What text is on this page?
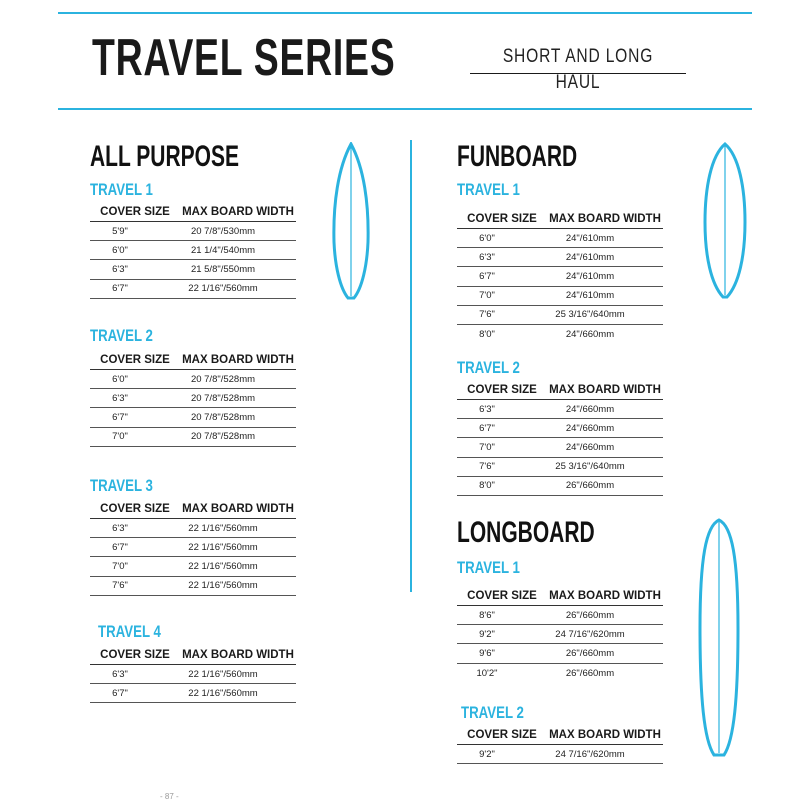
TRAVEL SERIES	SHORT AND LONG HAUL
ALL PURPOSE
TRAVEL 1
COVER SIZE	MAX BOARD WIDTH
5'9"	20 7/8"/530mm
6'0"	21 1/4"/540mm
6'3"	21 5/8"/550mm
6'7"	22 1/16"/560mm
TRAVEL 2
COVER SIZE	MAX BOARD WIDTH
6'0"	20 7/8"/528mm
6'3"	20 7/8"/528mm
6'7"	20 7/8"/528mm
7'0"	20 7/8"/528mm
TRAVEL 3
COVER SIZE	MAX BOARD WIDTH
6'3"	22 1/16"/560mm
6'7"	22 1/16"/560mm
7'0"	22 1/16"/560mm
7'6"	22 1/16"/560mm
TRAVEL 4
COVER SIZE	MAX BOARD WIDTH
6'3"	22 1/16"/560mm
6'7"	22 1/16"/560mm
FUNBOARD
TRAVEL 1
COVER SIZE	MAX BOARD WIDTH
6'0"	24"/610mm
6'3"	24"/610mm
6'7"	24"/610mm
7'0"	24"/610mm
7'6"	25 3/16"/640mm
8'0"	24"/660mm
TRAVEL 2
COVER SIZE	MAX BOARD WIDTH
6'3"	24"/660mm
6'7"	24"/660mm
7'0"	24"/660mm
7'6"	25 3/16"/640mm
8'0"	26"/660mm
LONGBOARD
TRAVEL 1
COVER SIZE	MAX BOARD WIDTH
8'6"	26"/660mm
9'2"	24 7/16"/620mm
9'6"	26"/660mm
10'2"	26"/660mm
TRAVEL 2
COVER SIZE	MAX BOARD WIDTH
9'2"	24 7/16"/620mm
- 87 -
